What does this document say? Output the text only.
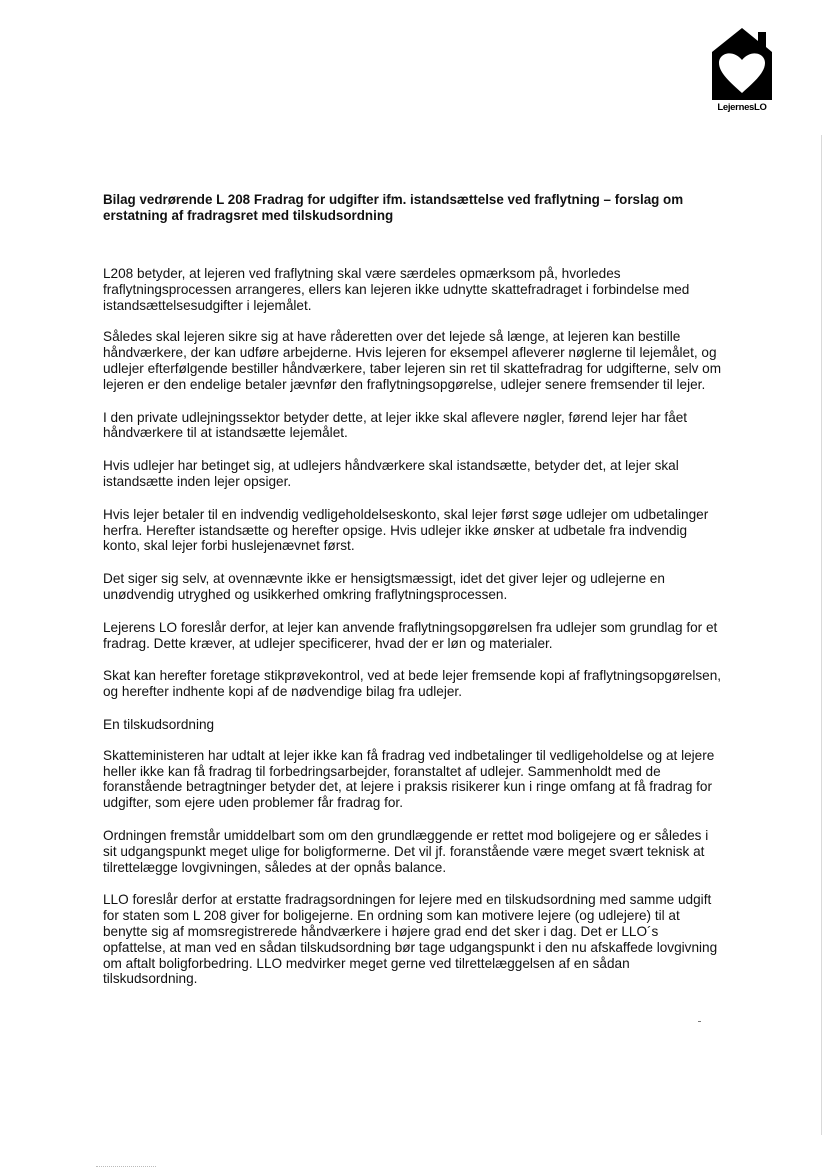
LejernesLO
Bilag vedrørende L 208 Fradrag for udgifter ifm. istandsættelse ved fraflytning – forslag om
erstatning af fradragsret med tilskudsordning

L208 betyder, at lejeren ved fraflytning skal være særdeles opmærksom på, hvorledes
fraflytningsprocessen arrangeres, ellers kan lejeren ikke udnytte skattefradraget i forbindelse med
istandsættelsesudgifter i lejemålet.

Således skal lejeren sikre sig at have råderetten over det lejede så længe, at lejeren kan bestille
håndværkere, der kan udføre arbejderne. Hvis lejeren for eksempel afleverer nøglerne til lejemålet, og
udlejer efterfølgende bestiller håndværkere, taber lejeren sin ret til skattefradrag for udgifterne, selv om
lejeren er den endelige betaler jævnfør den fraflytningsopgørelse, udlejer senere fremsender til lejer.

I den private udlejningssektor betyder dette, at lejer ikke skal aflevere nøgler, førend lejer har fået
håndværkere til at istandsætte lejemålet.

Hvis udlejer har betinget sig, at udlejers håndværkere skal istandsætte, betyder det, at lejer skal
istandsætte inden lejer opsiger.

Hvis lejer betaler til en indvendig vedligeholdelseskonto, skal lejer først søge udlejer om udbetalinger
herfra. Herefter istandsætte og herefter opsige. Hvis udlejer ikke ønsker at udbetale fra indvendig
konto, skal lejer forbi huslejenævnet først.

Det siger sig selv, at ovennævnte ikke er hensigtsmæssigt, idet det giver lejer og udlejerne en
unødvendig utryghed og usikkerhed omkring fraflytningsprocessen.

Lejerens LO foreslår derfor, at lejer kan anvende fraflytningsopgørelsen fra udlejer som grundlag for et
fradrag. Dette kræver, at udlejer specificerer, hvad der er løn og materialer.

Skat kan herefter foretage stikprøvekontrol, ved at bede lejer fremsende kopi af fraflytningsopgørelsen,
og herefter indhente kopi af de nødvendige bilag fra udlejer.

En tilskudsordning

Skatteministeren har udtalt at lejer ikke kan få fradrag ved indbetalinger til vedligeholdelse og at lejere
heller ikke kan få fradrag til forbedringsarbejder, foranstaltet af udlejer. Sammenholdt med de
foranstående betragtninger betyder det, at lejere i praksis risikerer kun i ringe omfang at få fradrag for
udgifter, som ejere uden problemer får fradrag for.

Ordningen fremstår umiddelbart som om den grundlæggende er rettet mod boligejere og er således i
sit udgangspunkt meget ulige for boligformerne. Det vil jf. foranstående være meget svært teknisk at
tilrettelægge lovgivningen, således at der opnås balance.

LLO foreslår derfor at erstatte fradragsordningen for lejere med en tilskudsordning med samme udgift
for staten som L 208 giver for boligejerne. En ordning som kan motivere lejere (og udlejere) til at
benytte sig af momsregistrerede håndværkere i højere grad end det sker i dag. Det er LLO´s
opfattelse, at man ved en sådan tilskudsordning bør tage udgangspunkt i den nu afskaffede lovgivning
om aftalt boligforbedring. LLO medvirker meget gerne ved tilrettelæggelsen af en sådan
tilskudsordning.
